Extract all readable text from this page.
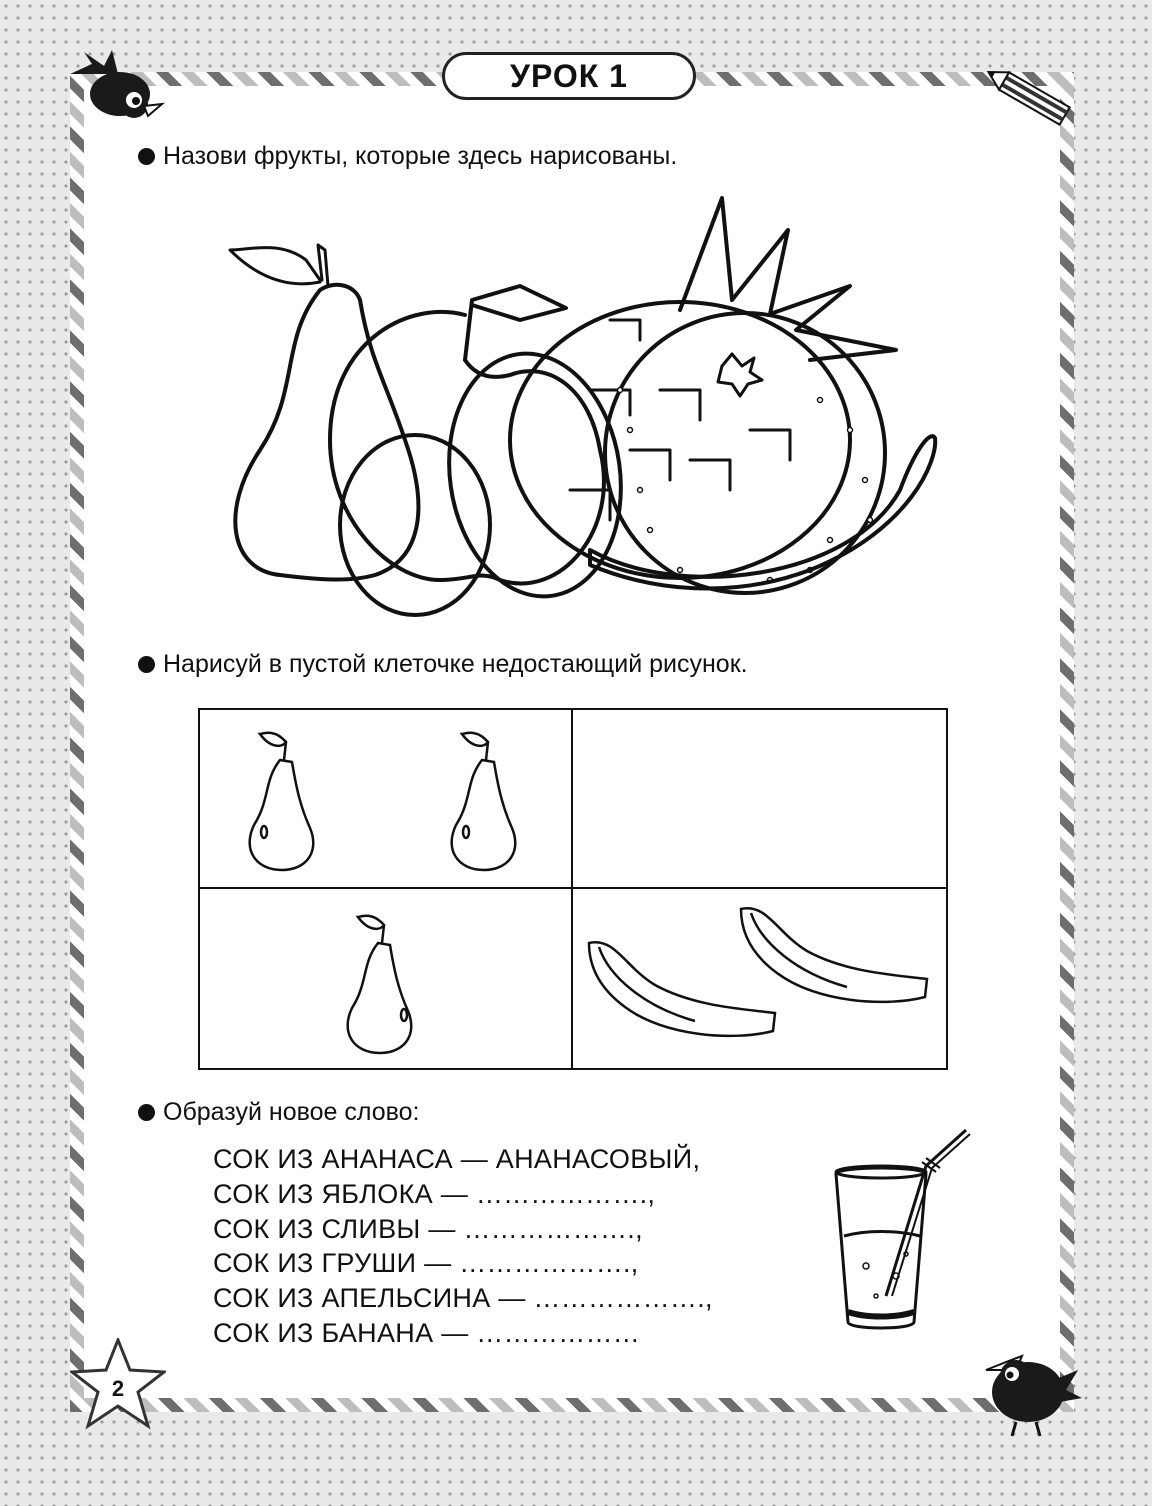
УРОК 1
Назови фрукты, которые здесь нарисованы.
Нарисуй в пустой клеточке недостающий рисунок.
Образуй новое слово:
СОК ИЗ АНАНАСА — АНАНАСОВЫЙ,
СОК ИЗ ЯБЛОКА — ……………….,
СОК ИЗ СЛИВЫ — ……………….,
СОК ИЗ ГРУШИ — ……………….,
СОК ИЗ АПЕЛЬСИНА — ……………….,
СОК ИЗ БАНАНА — ………………
2
